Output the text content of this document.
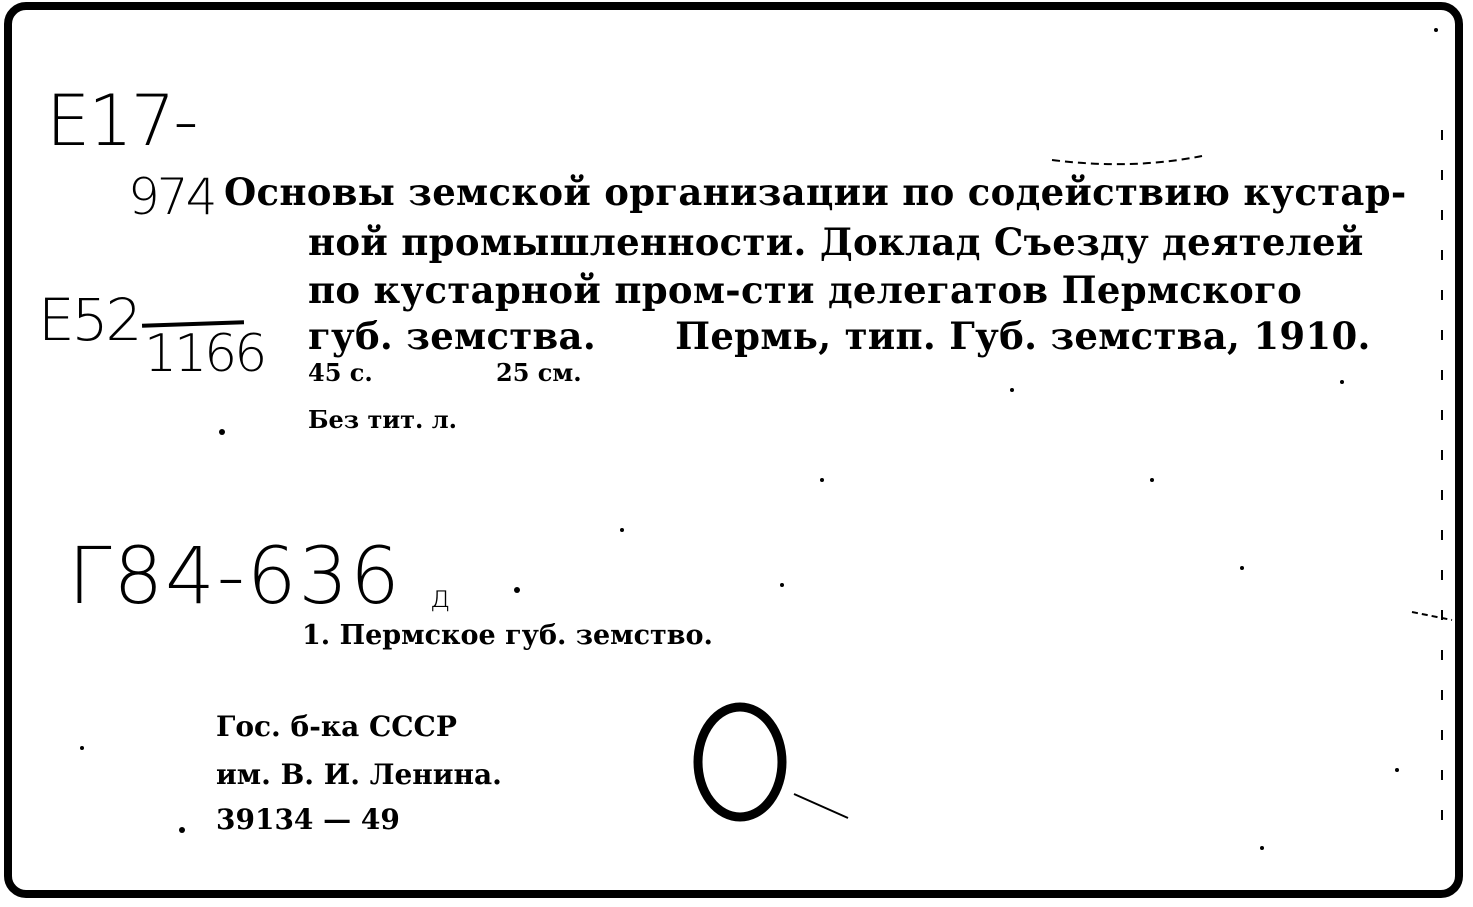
E17-
974
E52 1166
Основы земской организации по содействию кустар-
ной промышленности. Доклад Съезду деятелей
по кустарной пром-сти делегатов Пермского
губ. земства.      Пермь, тип. Губ. земства, 1910.
45 с.	25 см.
Без тит. л.
Г84-636 д
1. Пермское губ. земство.
Гос. б-ка СССР
им. В. И. Ленина.
39134 — 49
